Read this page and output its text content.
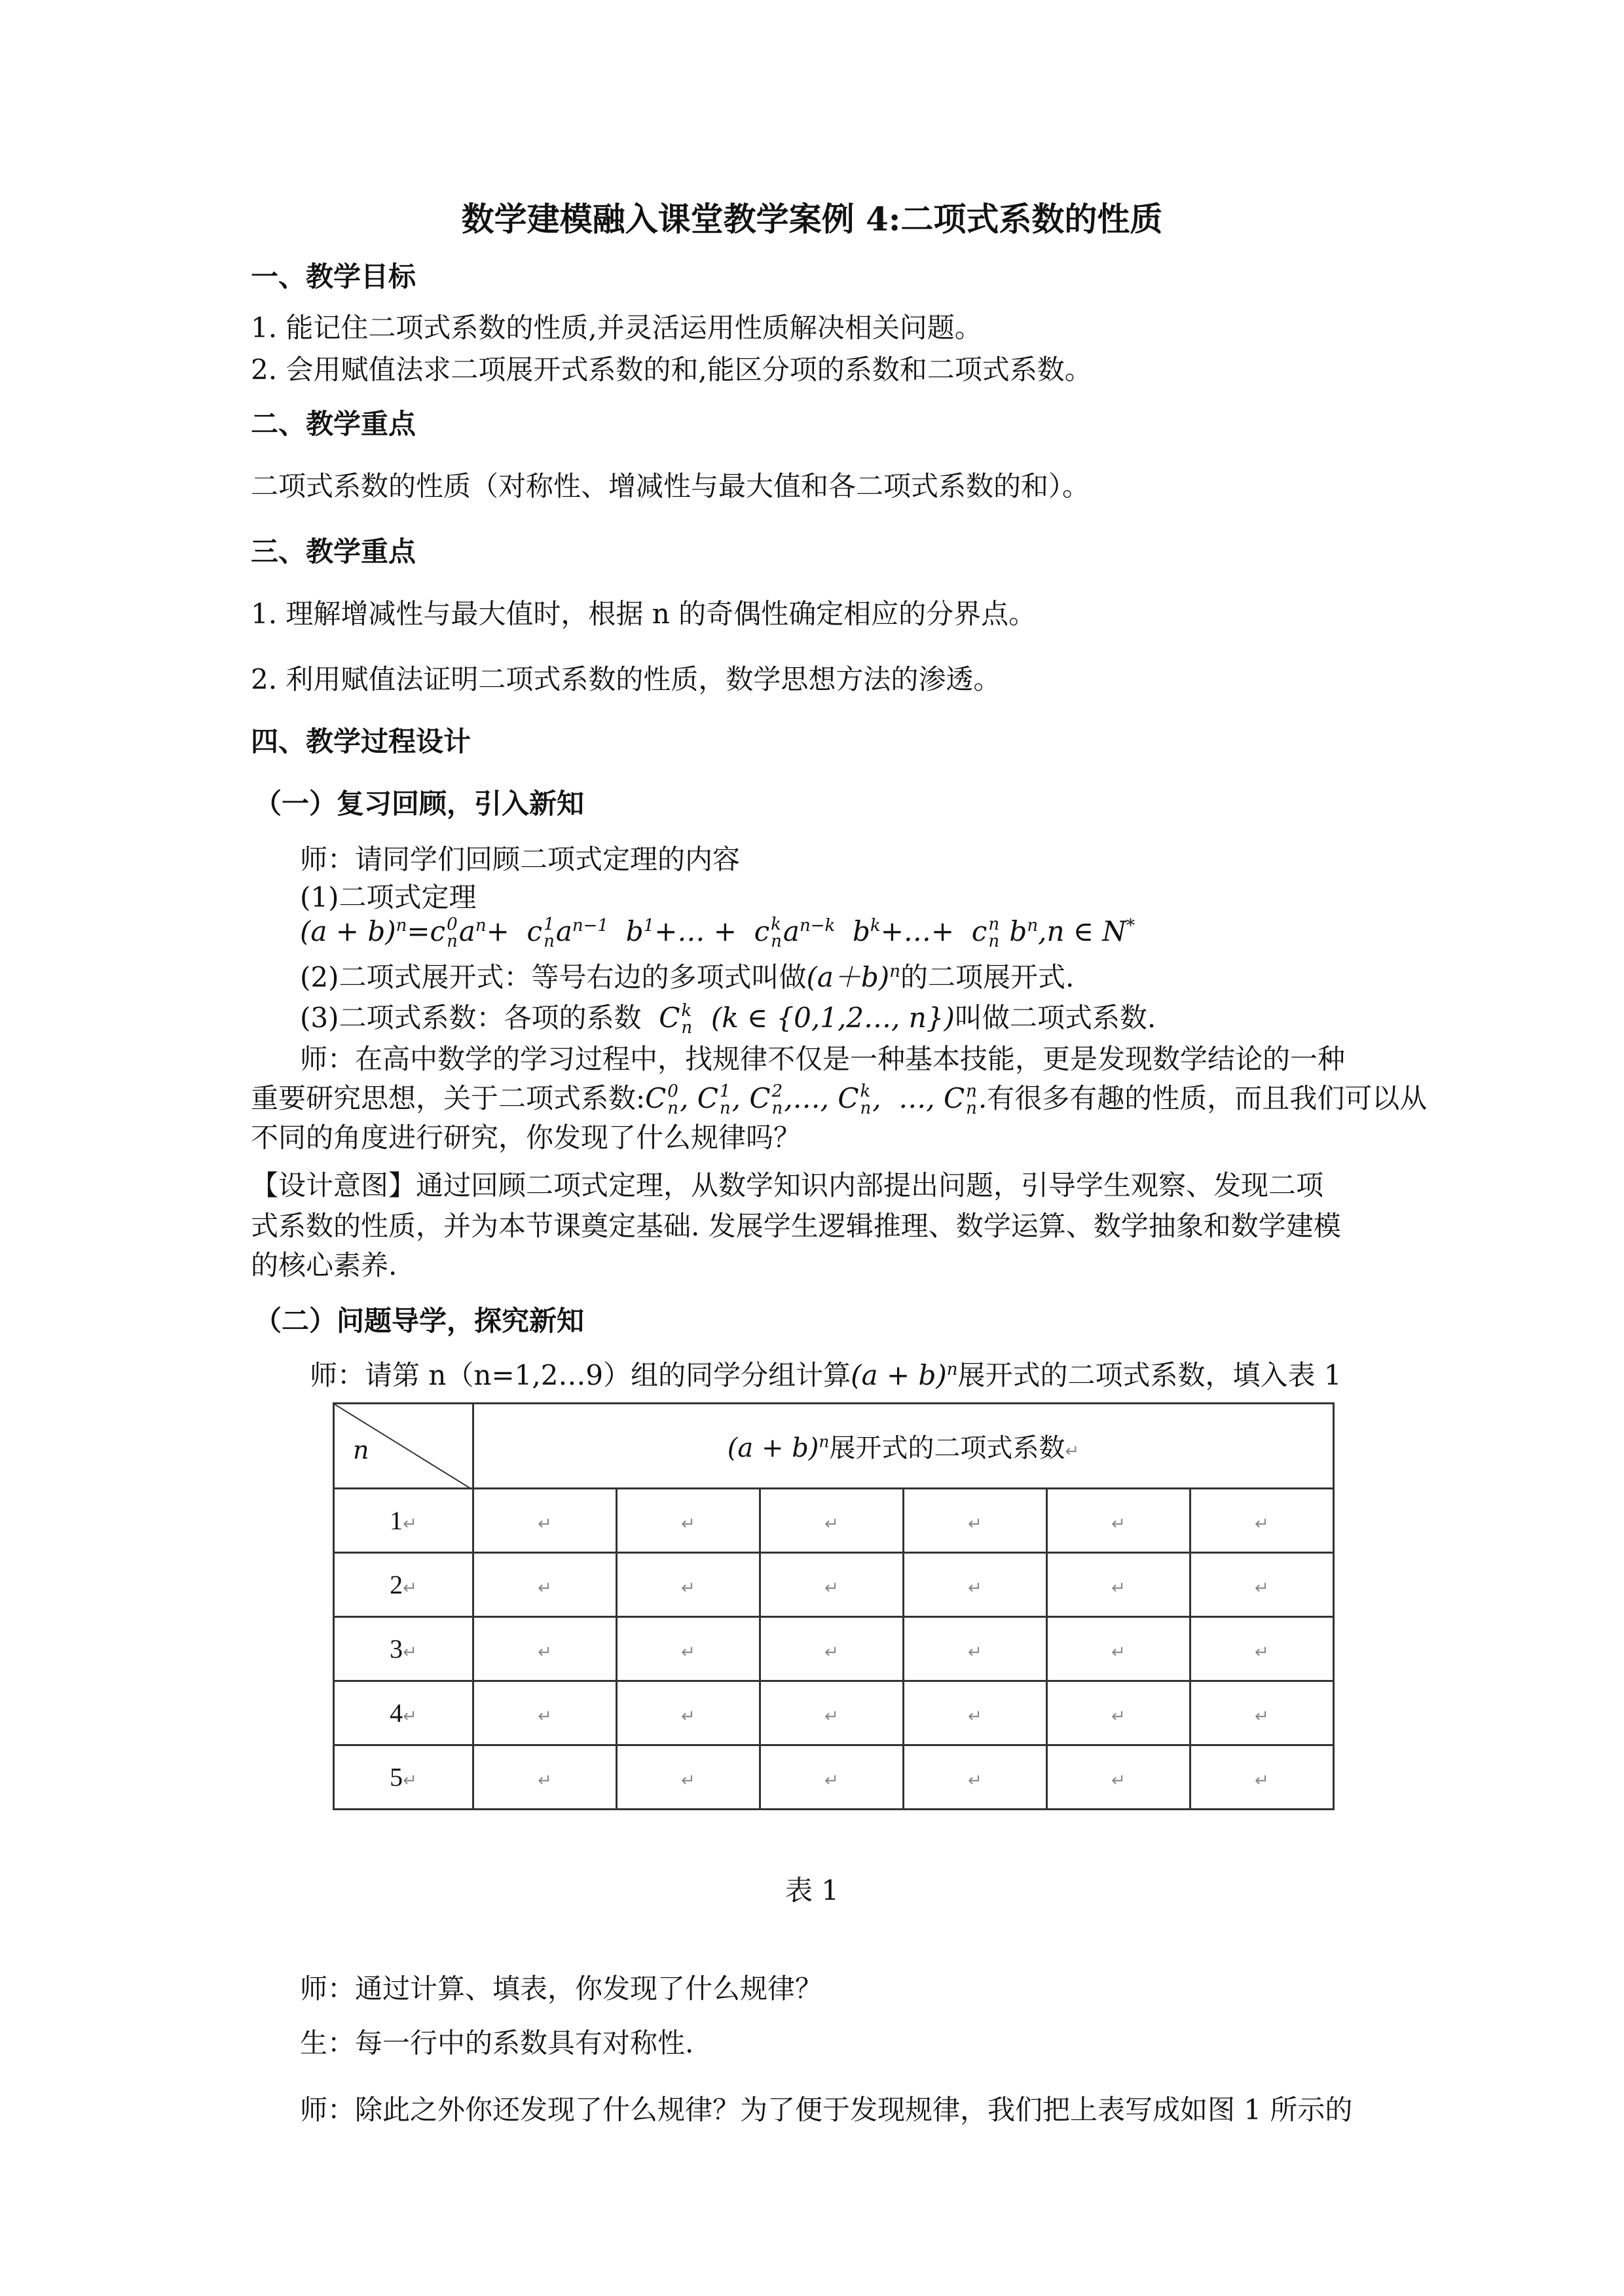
数学建模融入课堂教学案例 4:二项式系数的性质
一、教学目标
1. 能记住二项式系数的性质,并灵活运用性质解决相关问题。
2. 会用赋值法求二项展开式系数的和,能区分项的系数和二项式系数。
二、教学重点
二项式系数的性质（对称性、增减性与最大值和各二项式系数的和）。
三、教学重点
1. 理解增减性与最大值时，根据 n 的奇偶性确定相应的分界点。
2. 利用赋值法证明二项式系数的性质，数学思想方法的渗透。
四、教学过程设计
（一）复习回顾，引入新知
师：请同学们回顾二项式定理的内容
(1)二项式定理
$(a + b)^n=c$ 0
n $a^n+ c$ 1
n $a^{n-1}$  $b^1+\dots + c$ k
n $a^{n-k}$  $b^k+\dots+ c$ n
n $b^n,n$ ∈ N*
(2)二项式展开式：等号右边的多项式叫做$(a+b)^n$的二项展开式.
(3)二项式系数：各项的系数  C k
n (k ∈ {0,1,2…, n})叫做二项式系数.
师：在高中数学的学习过程中，找规律不仅是一种基本技能，更是发现数学结论的一种
重要研究思想，关于二项式系数:C 0
n , C 1
n , C 2
n ,…, C k
n ,  …, C n
n .有很多有趣的性质，而且我们可以从
不同的角度进行研究，你发现了什么规律吗？
【设计意图】通过回顾二项式定理，从数学知识内部提出问题，引导学生观察、发现二项
式系数的性质，并为本节课奠定基础. 发展学生逻辑推理、数学运算、数学抽象和数学建模
的核心素养.
（二）问题导学，探究新知
师：请第 n（n=1,2…9）组的同学分组计算$(a + b)^n$展开式的二项式系数，填入表 1
n	$(a + b)^n$展开式的二项式系数↵					
1↵	↵	↵	↵	↵	↵	↵
2↵	↵	↵	↵	↵	↵	↵
3↵	↵	↵	↵	↵	↵	↵
4↵	↵	↵	↵	↵	↵	↵
5↵	↵	↵	↵	↵	↵	↵
表 1
师：通过计算、填表，你发现了什么规律？
生：每一行中的系数具有对称性.
师：除此之外你还发现了什么规律？为了便于发现规律，我们把上表写成如图 1 所示的
